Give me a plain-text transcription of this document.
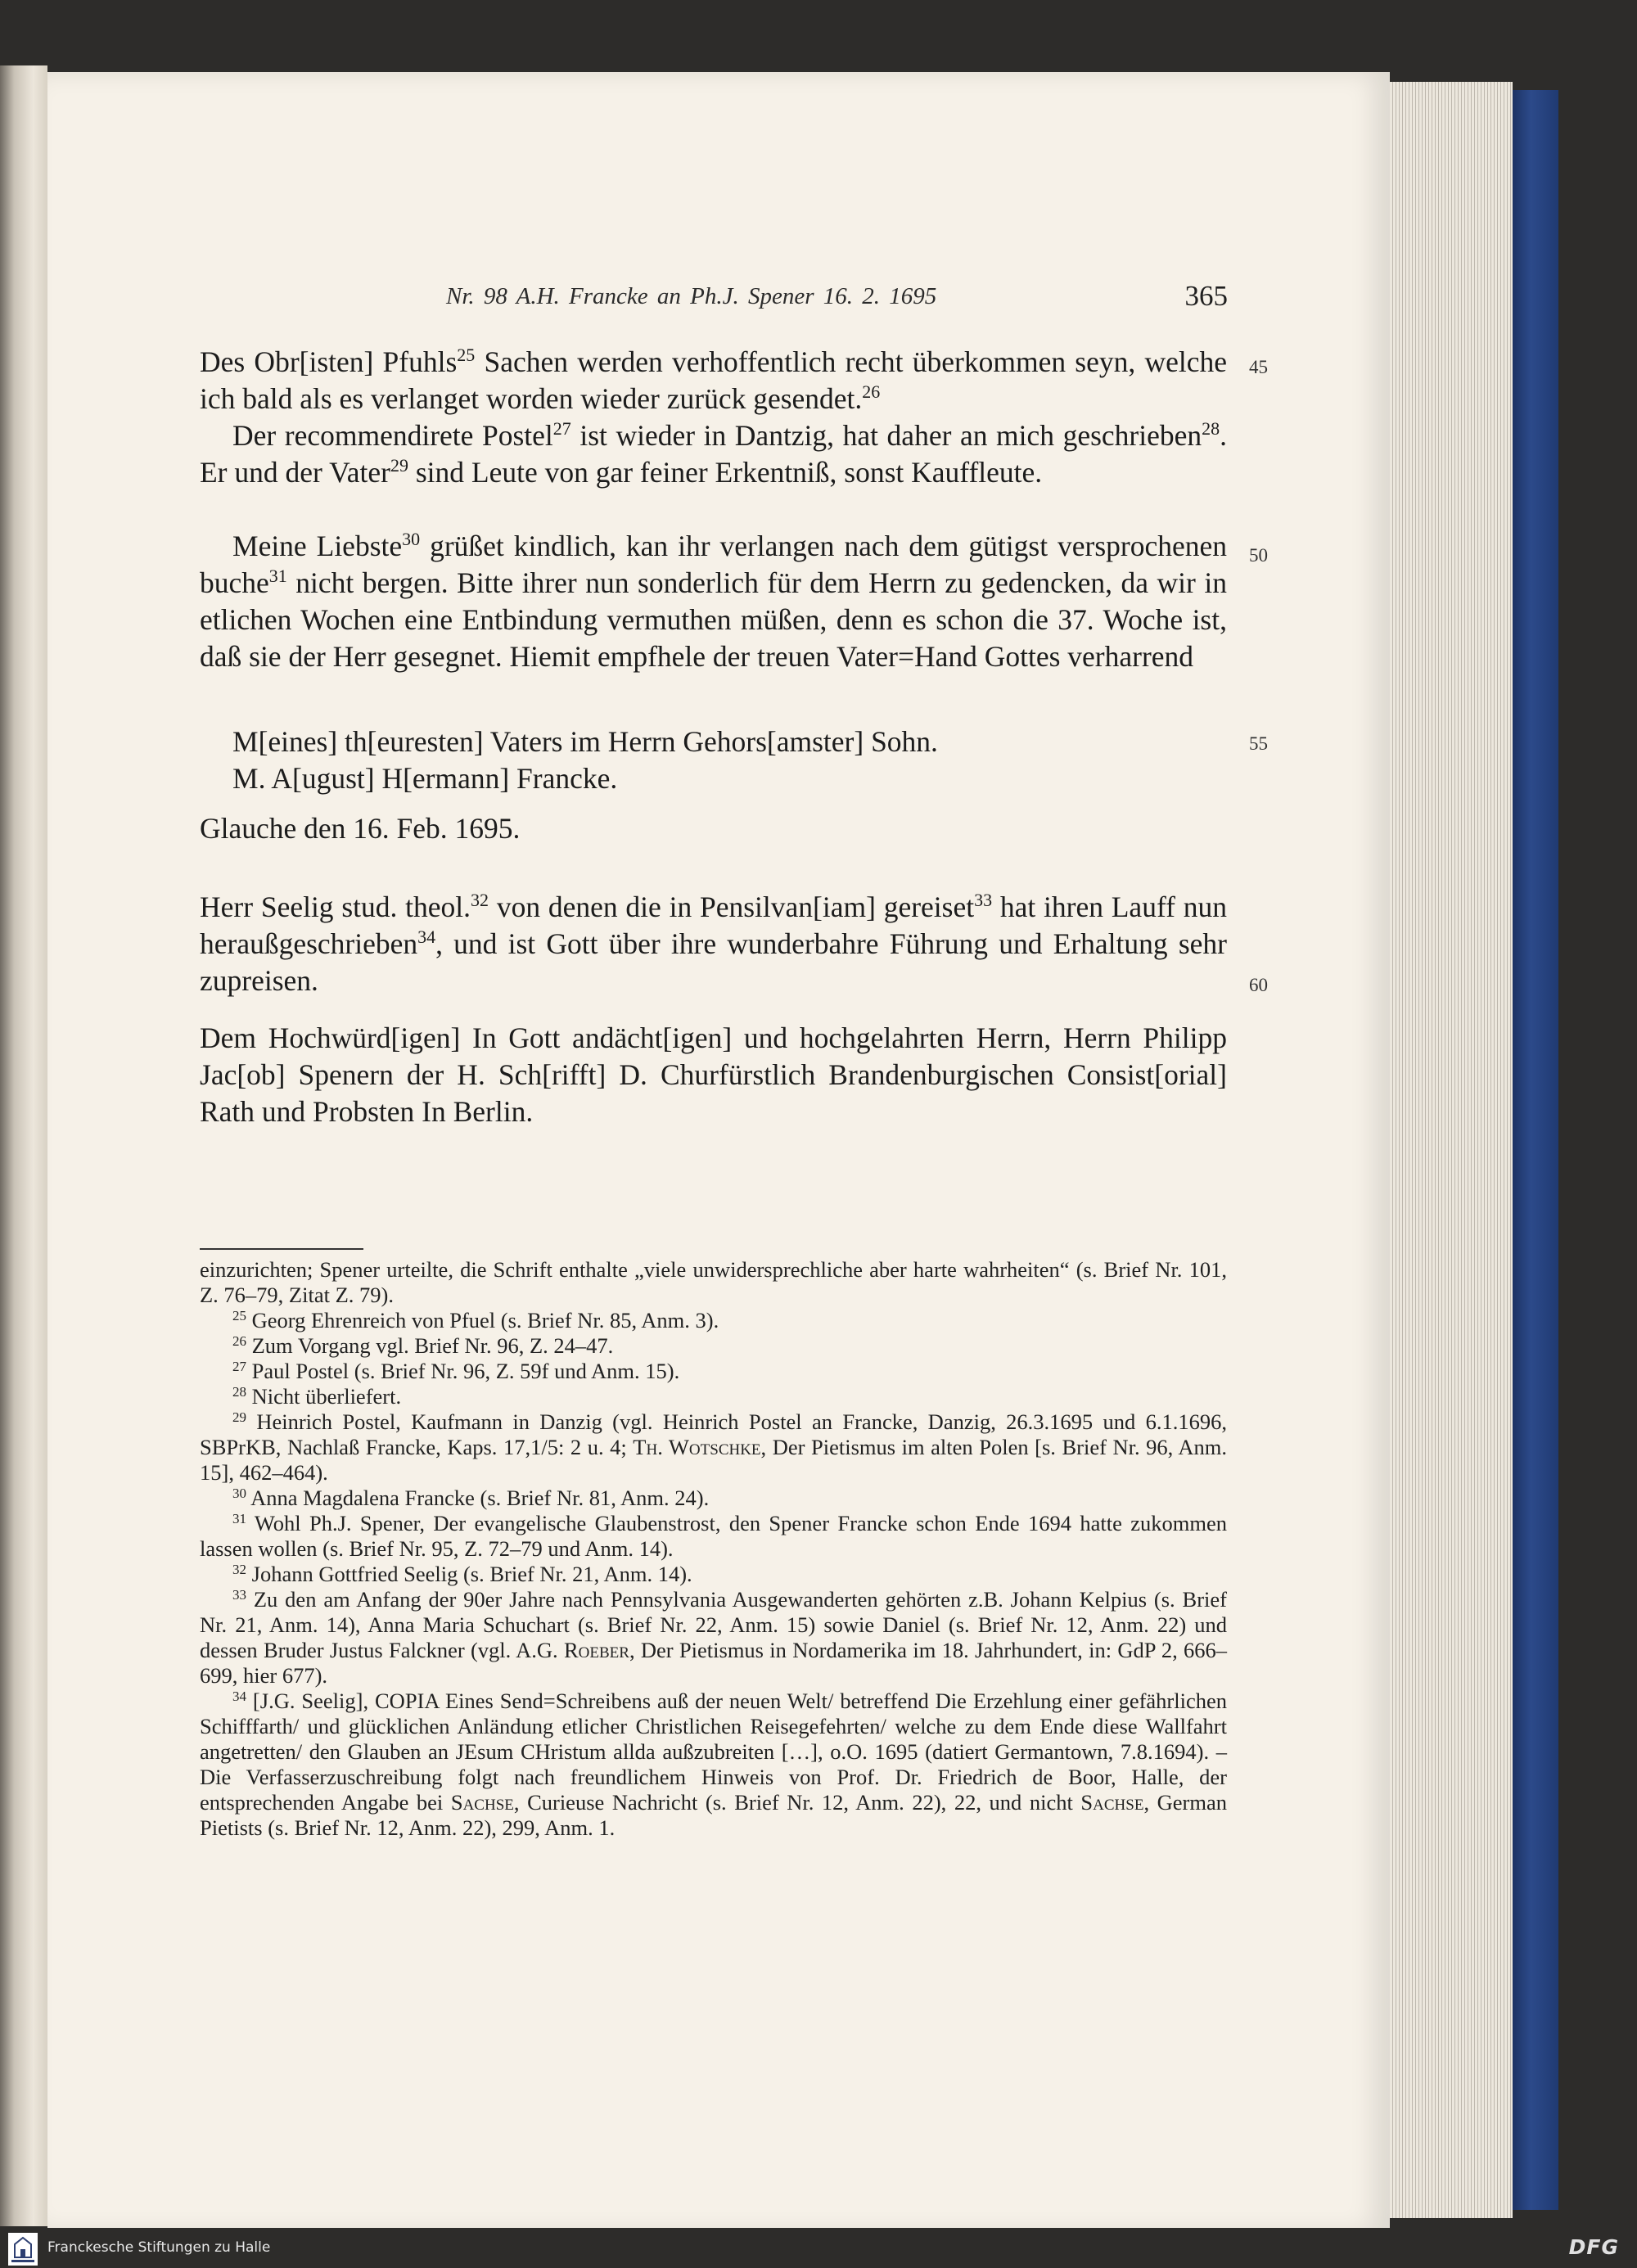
Nr. 98 A.H. Francke an Ph.J. Spener 16. 2. 1695	365
Des Obr[isten] Pfuhls$^{25}$ Sachen werden verhoffentlich recht überkommen seyn, welche ich bald als es verlanget worden wieder zurück gesendet.$^{26}$
45
Der recommendirete Postel$^{27}$ ist wieder in Dantzig, hat daher an mich geschrieben$^{28}$. Er und der Vater$^{29}$ sind Leute von gar feiner Erkentniß, sonst Kauffleute.
Meine Liebste$^{30}$ grüßet kindlich, kan ihr verlangen nach dem gütigst versprochenen buche$^{31}$ nicht bergen. Bitte ihrer nun sonderlich für dem Herrn zu gedencken, da wir in etlichen Wochen eine Entbindung vermuthen müßen, denn es schon die 37. Woche ist, daß sie der Herr gesegnet. Hiemit empfhele der treuen Vater=Hand Gottes verharrend
50
M[eines] th[euresten] Vaters im Herrn Gehors[amster] Sohn.	55
M. A[ugust] H[ermann] Francke.
Glauche den 16. Feb. 1695.
Herr Seelig stud. theol.$^{32}$ von denen die in Pensilvan[iam] gereiset$^{33}$ hat ihren Lauff nun heraußgeschrieben$^{34}$, und ist Gott über ihre wunderbahre Führung und Erhaltung sehr zupreisen.	60
Dem Hochwürd[igen] In Gott andächt[igen] und hochgelahrten Herrn, Herrn Philipp Jac[ob] Spenern der H. Sch[rifft] D. Churfürstlich Brandenburgischen Consist[orial] Rath und Probsten In Berlin.

einzurichten; Spener urteilte, die Schrift enthalte „viele unwidersprechliche aber harte wahrheiten“ (s. Brief Nr. 101, Z. 76–79, Zitat Z. 79).

$^{25}$ Georg Ehrenreich von Pfuel (s. Brief Nr. 85, Anm. 3).

$^{26}$ Zum Vorgang vgl. Brief Nr. 96, Z. 24–47.

$^{27}$ Paul Postel (s. Brief Nr. 96, Z. 59f und Anm. 15).

$^{28}$ Nicht überliefert.

$^{29}$ Heinrich Postel, Kaufmann in Danzig (vgl. Heinrich Postel an Francke, Danzig, 26.3.1695 und 6.1.1696, SBPrKB, Nachlaß Francke, Kaps. 17,1/5: 2 u. 4; Th. Wotschke, Der Pietismus im alten Polen [s. Brief Nr. 96, Anm. 15], 462–464).

$^{30}$ Anna Magdalena Francke (s. Brief Nr. 81, Anm. 24).

$^{31}$ Wohl Ph.J. Spener, Der evangelische Glaubenstrost, den Spener Francke schon Ende 1694 hatte zukommen lassen wollen (s. Brief Nr. 95, Z. 72–79 und Anm. 14).

$^{32}$ Johann Gottfried Seelig (s. Brief Nr. 21, Anm. 14).

$^{33}$ Zu den am Anfang der 90er Jahre nach Pennsylvania Ausgewanderten gehörten z.B. Johann Kelpius (s. Brief Nr. 21, Anm. 14), Anna Maria Schuchart (s. Brief Nr. 22, Anm. 15) sowie Daniel (s. Brief Nr. 12, Anm. 22) und dessen Bruder Justus Falckner (vgl. A.G. Roeber, Der Pietismus in Nordamerika im 18. Jahrhundert, in: GdP 2, 666–699, hier 677).

$^{34}$ [J.G. Seelig], COPIA Eines Send=Schreibens auß der neuen Welt/ betreffend Die Erzehlung einer gefährlichen Schifffarth/ und glücklichen Anländung etlicher Christlichen Reisegefehrten/ welche zu dem Ende diese Wallfahrt angetretten/ den Glauben an JEsum CHristum allda außzubreiten […], o.O. 1695 (datiert Germantown, 7.8.1694). – Die Verfasserzuschreibung folgt nach freundlichem Hinweis von Prof. Dr. Friedrich de Boor, Halle, der entsprechenden Angabe bei Sachse, Curieuse Nachricht (s. Brief Nr. 12, Anm. 22), 22, und nicht Sachse, German Pietists (s. Brief Nr. 12, Anm. 22), 299, Anm. 1.

Franckesche Stiftungen zu Halle	DFG
